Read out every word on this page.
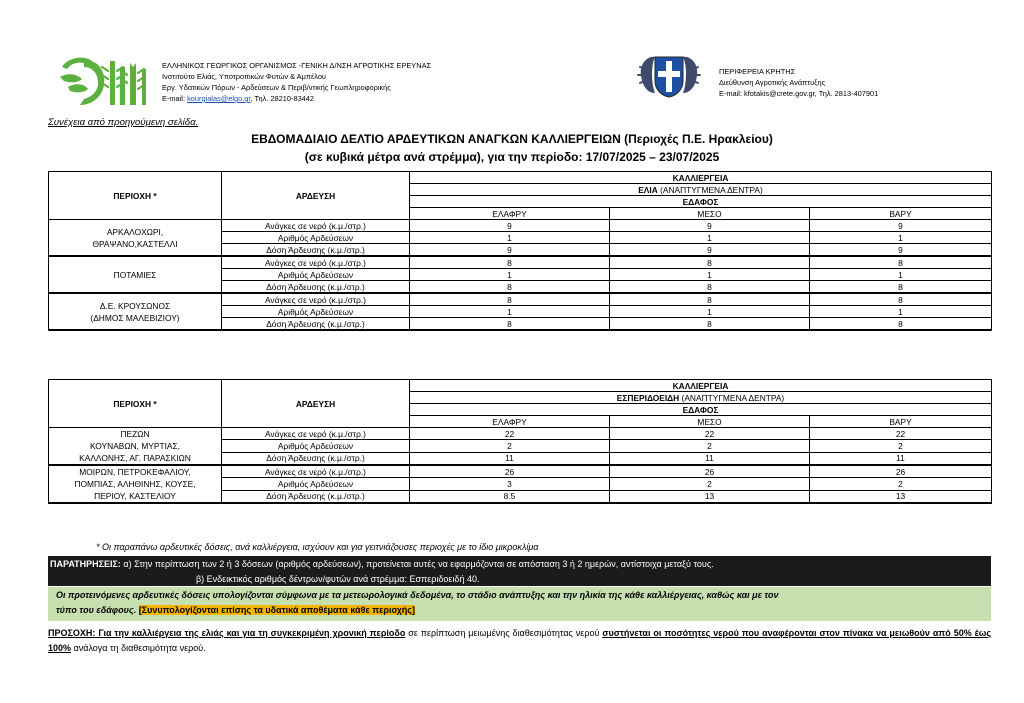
ΕΛΛΗΝΙΚΟΣ ΓΕΩΡΓΙΚΟΣ ΟΡΓΑΝΙΣΜΟΣ -ΓΕΝΙΚΗ Δ/ΝΣΗ ΑΓΡΟΤΙΚΗΣ ΕΡΕΥΝΑΣ
Ινστιτούτο Ελιάς, Υποτροπικών Φυτών & Αμπέλου
Εργ. Υδατικών Πόρων - Αρδεύσεων & Περιβ/ντικής Γεωπληροφορικής
E-mail: kourgialas@elgo.gr, Τηλ. 28210-83442
ΠΕΡΙΦΕΡΕΙΑ ΚΡΗΤΗΣ
Διεύθυνση Αγροτικής Ανάπτυξης
E-mail: kfotakis@crete.gov.gr, Τηλ. 2813-407901
Συνέχεια από προηγούμενη σελίδα.
ΕΒΔΟΜΑΔΙΑΙΟ ΔΕΛΤΙΟ ΑΡΔΕΥΤΙΚΩΝ ΑΝΑΓΚΩΝ ΚΑΛΛΙΕΡΓΕΙΩΝ (Περιοχές Π.Ε. Ηρακλείου)
(σε κυβικά μέτρα ανά στρέμμα), για την περίοδο: 17/07/2025 – 23/07/2025
ΠΕΡΙΟΧΗ *	ΑΡΔΕΥΣΗ	ΚΑΛΛΙΕΡΓΕΙΑ		
		ΕΛΙΑ (ΑΝΑΠΤΥΓΜΕΝΑ ΔΕΝΤΡΑ)		
		ΕΔΑΦΟΣ		
		ΕΛΑΦΡΥ	ΜΕΣΟ	ΒΑΡΥ

ΑΡΚΑΛΟΧΩΡΙ,
ΘΡΑΨΑΝΟ,ΚΑΣΤΕΛΛΙ	Ανάγκες σε νερό (κ.μ./στρ.)	9	9	9
	Αριθμός Αρδεύσεων	1	1	1
	Δόση Άρδευσης (κ.μ./στρ.)	9	9	9

ΠΟΤΑΜΙΕΣ	Ανάγκες σε νερό (κ.μ./στρ.)	8	8	8
	Αριθμός Αρδεύσεων	1	1	1
	Δόση Άρδευσης (κ.μ./στρ.)	8	8	8

Δ.Ε. ΚΡΟΥΣΩΝΟΣ
(ΔΗΜΟΣ ΜΑΛΕΒΙΖΙΟΥ)	Ανάγκες σε νερό (κ.μ./στρ.)	8	8	8
	Αριθμός Αρδεύσεων	1	1	1
	Δόση Άρδευσης (κ.μ./στρ.)	8	8	8
ΠΕΡΙΟΧΗ *	ΑΡΔΕΥΣΗ	ΚΑΛΛΙΕΡΓΕΙΑ		
		ΕΣΠΕΡΙΔΟΕΙΔΗ (ΑΝΑΠΤΥΓΜΕΝΑ ΔΕΝΤΡΑ)		
		ΕΔΑΦΟΣ		
		ΕΛΑΦΡΥ	ΜΕΣΟ	ΒΑΡΥ

ΠΕΖΩΝ
ΚΟΥΝΑΒΩΝ, ΜΥΡΤΙΑΣ,
ΚΑΛΛΟΝΗΣ, ΑΓ. ΠΑΡΑΣΚΙΩΝ	Ανάγκες σε νερό (κ.μ./στρ.)	22	22	22
	Αριθμός Αρδεύσεων	2	2	2
	Δόση Άρδευσης (κ.μ./στρ.)	11	11	11

ΜΟΙΡΩΝ, ΠΕΤΡΟΚΕΦΑΛΙΟΥ,
ΠΟΜΠΙΑΣ, ΑΛΗΘΙΝΗΣ, ΚΟΥΣΕ,
ΠΕΡΙΟΥ, ΚΑΣΤΕΛΙΟΥ	Ανάγκες σε νερό (κ.μ./στρ.)	26	26	26
	Αριθμός Αρδεύσεων	3	2	2
	Δόση Άρδευσης (κ.μ./στρ.)	8.5	13	13
* Οι παραπάνω αρδευτικές δόσεις, ανά καλλιέργεια, ισχύουν και για γειτνιάζουσες περιοχές με το ίδιο μικροκλίμα
ΠΑΡΑΤΗΡΗΣΕΙΣ: α) Στην περίπτωση των 2 ή 3 δόσεων (αριθμός αρδεύσεων), προτείνεται αυτές να εφαρμόζονται σε απόσταση 3 ή 2 ημερών, αντίστοιχα μεταξύ τους.
β) Ενδεικτικός αριθμός δέντρων/φυτών ανά στρέμμα: Εσπεριδοειδή 40.
Οι προτεινόμενες αρδευτικές δόσεις υπολογίζονται σύμφωνα με τα μετεωρολογικά δεδομένα, το στάδιο ανάπτυξης και την ηλικία της κάθε καλλιέργειας, καθώς και με τον
τύπο του εδάφους. [Συνυπολογίζονται επίσης τα υδατικά αποθέματα κάθε περιοχής]
ΠΡΟΣΟΧΗ: Για την καλλιέργεια της ελιάς και για τη συγκεκριμένη χρονική περίοδο σε περίπτωση μειωμένης διαθεσιμότητας νερού συστήνεται οι ποσότητες νερού που αναφέρονται στον πίνακα να μειωθούν από 50% έως 100% ανάλογα τη διαθεσιμότητα νερού.
